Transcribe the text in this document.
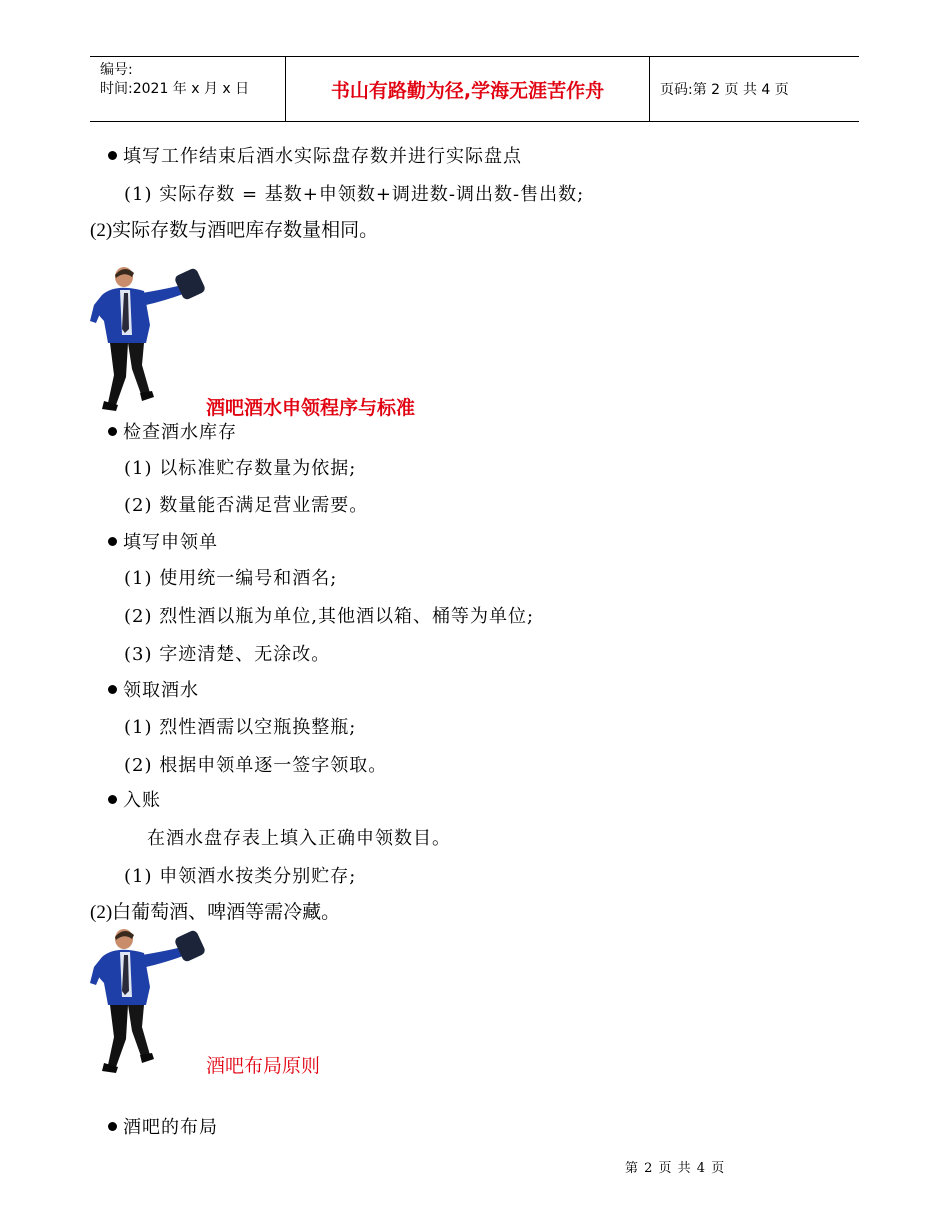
编号:
时间:2021 年 x 月 x 日	书山有路勤为径,学海无涯苦作舟	页码:第 2 页 共 4 页
填写工作结束后酒水实际盘存数并进行实际盘点
(1) 实际存数 = 基数+申领数+调进数-调出数-售出数;
(2)实际存数与酒吧库存数量相同。
酒吧酒水申领程序与标准
检查酒水库存
(1) 以标准贮存数量为依据;
(2) 数量能否满足营业需要。
填写申领单
(1) 使用统一编号和酒名;
(2) 烈性酒以瓶为单位,其他酒以箱、桶等为单位;
(3) 字迹清楚、无涂改。
领取酒水
(1) 烈性酒需以空瓶换整瓶;
(2) 根据申领单逐一签字领取。
入账
在酒水盘存表上填入正确申领数目。
(1) 申领酒水按类分别贮存;
(2)白葡萄酒、啤酒等需冷藏。
酒吧布局原则
酒吧的布局
第 2 页 共 4 页
